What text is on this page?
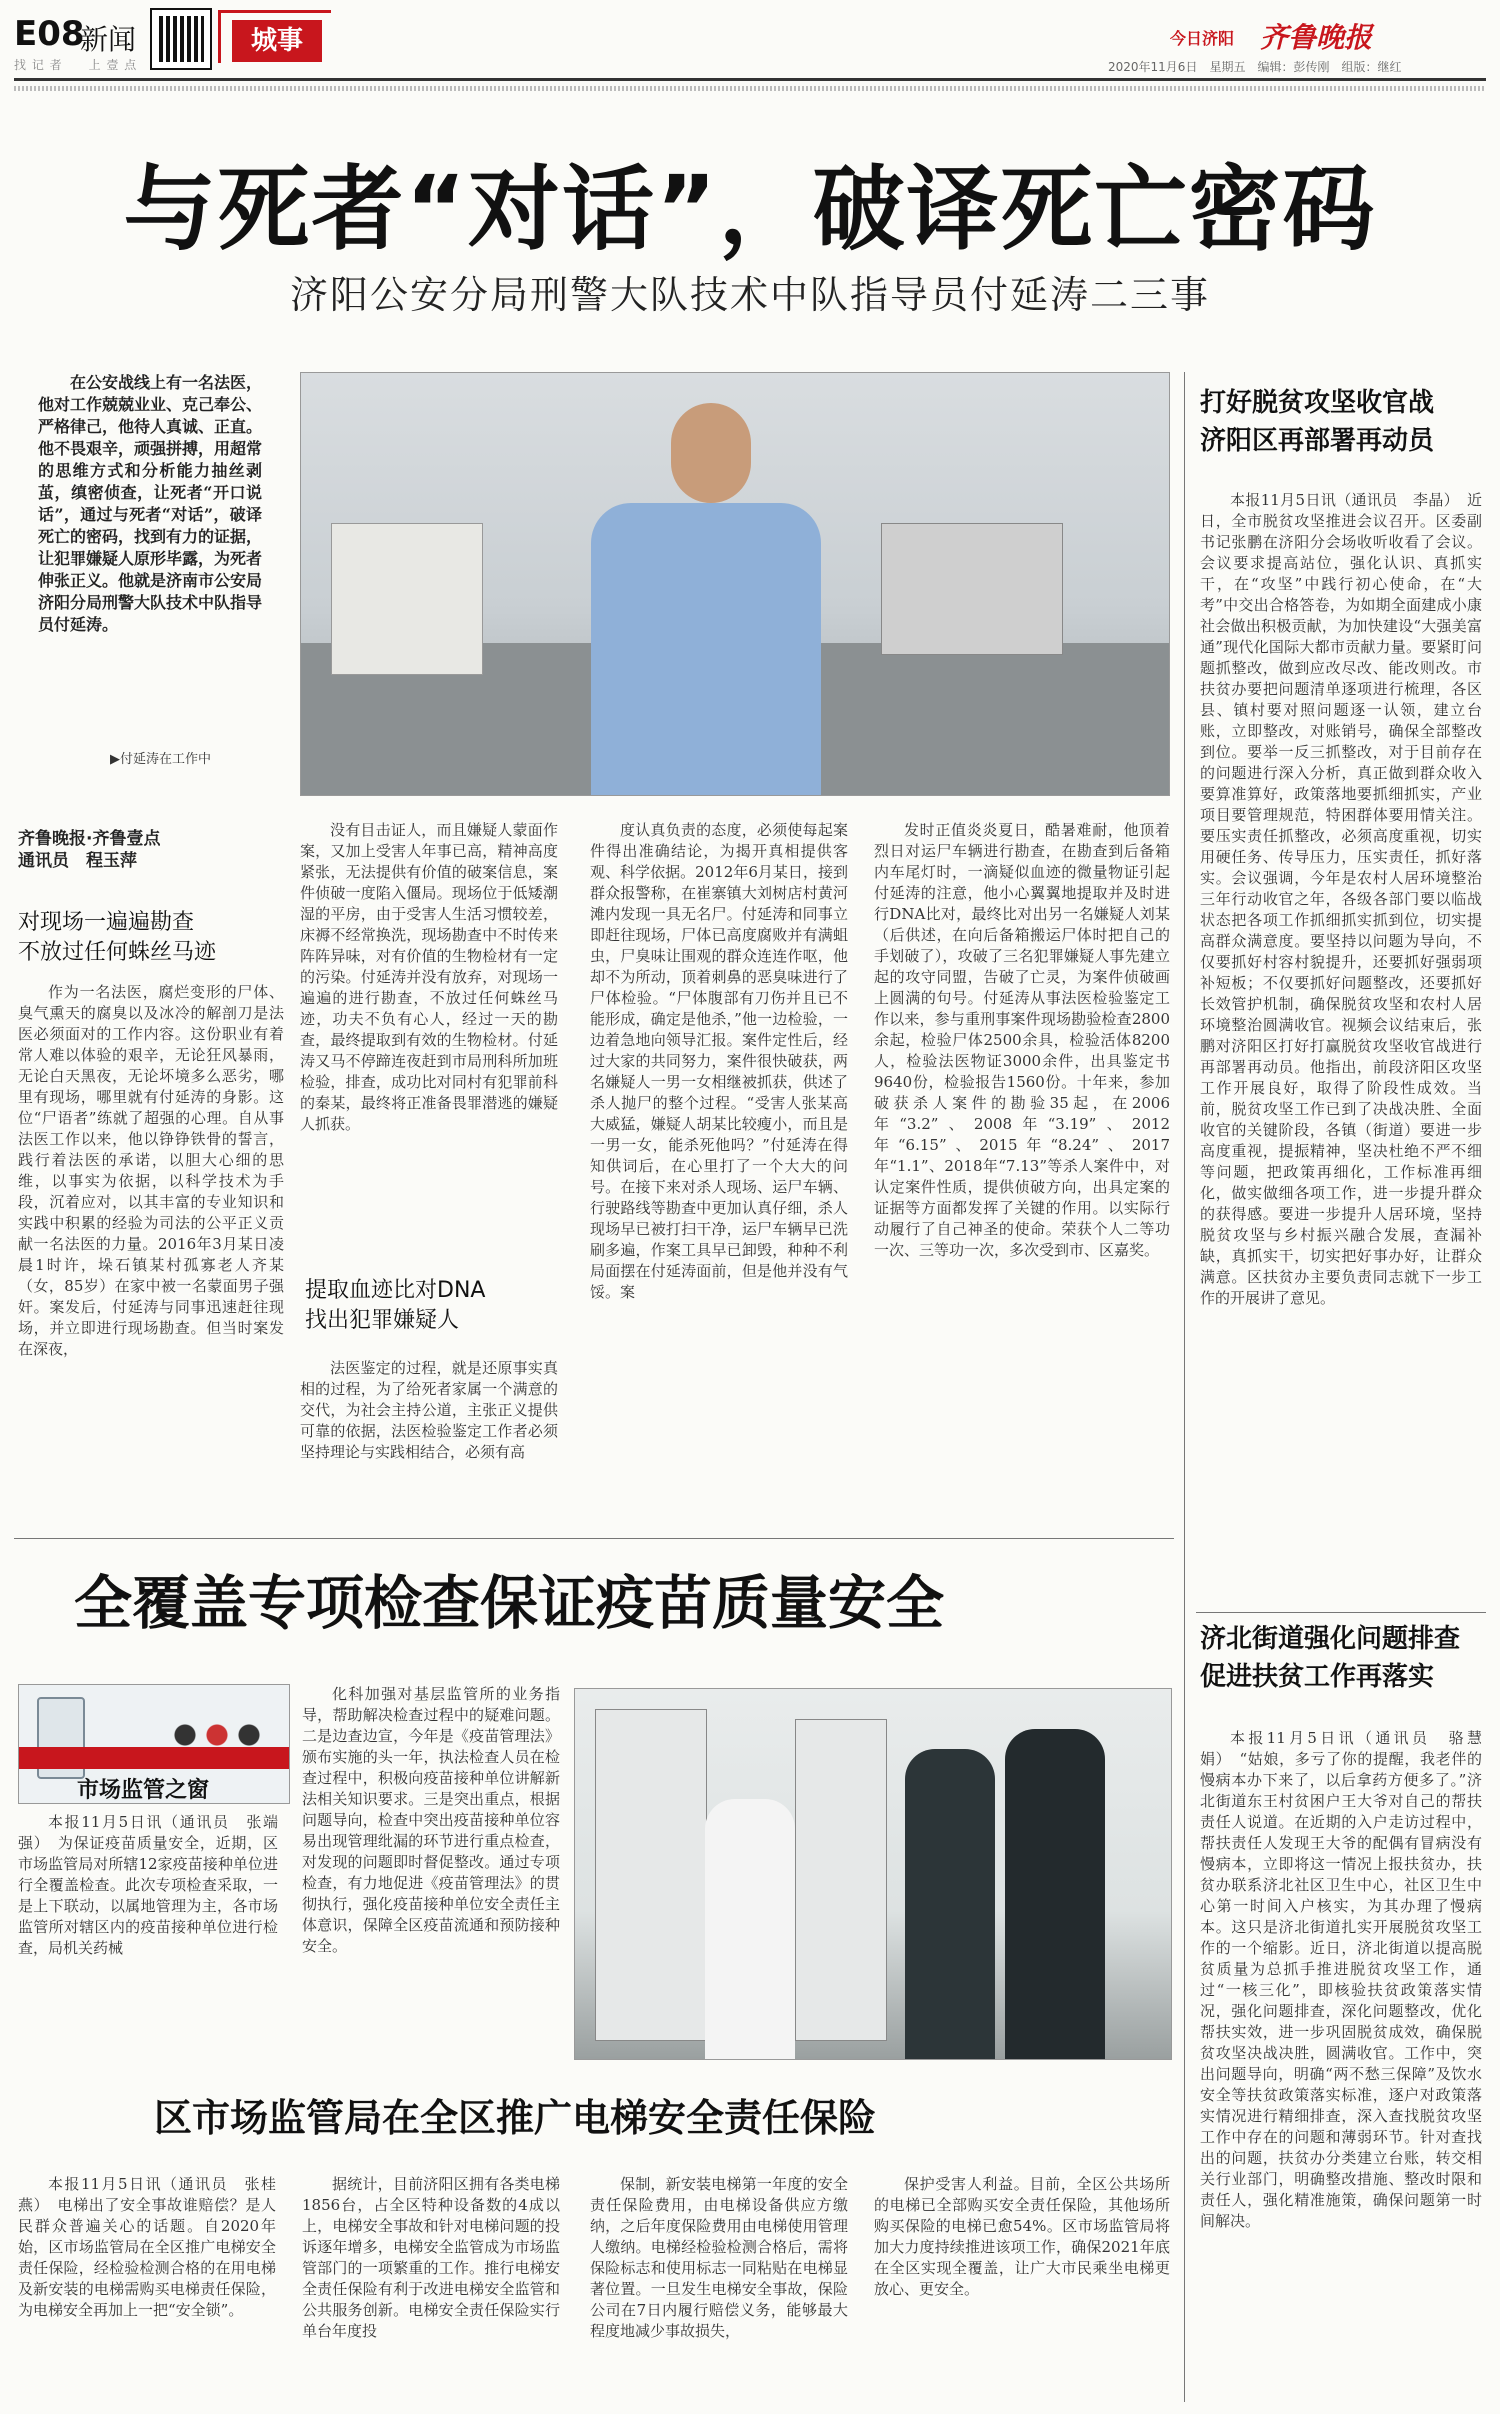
E08
新闻
找 记 者　　上 壹 点
城事	今日济阳 齐鲁晚报
2020年11月6日　星期五　编辑：彭传刚　组版：继红
与死者“对话”，破译死亡密码
济阳公安分局刑警大队技术中队指导员付延涛二三事

在公安战线上有一名法医，他对工作兢兢业业、克己奉公、严格律己，他待人真诚、正直。他不畏艰辛，顽强拼搏，用超常的思维方式和分析能力抽丝剥茧，缜密侦查，让死者“开口说话”，通过与死者“对话”，破译死亡的密码，找到有力的证据，让犯罪嫌疑人原形毕露，为死者伸张正义。他就是济南市公安局济阳分局刑警大队技术中队指导员付延涛。

▶付延涛在工作中
齐鲁晚报·齐鲁壹点
通讯员　程玉萍
对现场一遍遍勘查
不放过任何蛛丝马迹

作为一名法医，腐烂变形的尸体、臭气熏天的腐臭以及冰冷的解剖刀是法医必须面对的工作内容。这份职业有着常人难以体验的艰辛，无论狂风暴雨，无论白天黑夜，无论坏境多么恶劣，哪里有现场，哪里就有付延涛的身影。这位“尸语者”练就了超强的心理。自从事法医工作以来，他以铮铮铁骨的誓言，践行着法医的承诺，以胆大心细的思维，以事实为依据，以科学技术为手段，沉着应对，以其丰富的专业知识和实践中积累的经验为司法的公平正义贡献一名法医的力量。2016年3月某日凌晨1时许，垛石镇某村孤寡老人齐某（女，85岁）在家中被一名蒙面男子强奸。案发后，付延涛与同事迅速赶往现场，并立即进行现场勘查。但当时案发在深夜，

没有目击证人，而且嫌疑人蒙面作案，又加上受害人年事已高，精神高度紧张，无法提供有价值的破案信息，案件侦破一度陷入僵局。现场位于低矮潮湿的平房，由于受害人生活习惯较差，床褥不经常换洗，现场勘查中不时传来阵阵异味，对有价值的生物检材有一定的污染。付延涛并没有放弃，对现场一遍遍的进行勘查，不放过任何蛛丝马迹，功夫不负有心人，经过一天的勘查，最终提取到有效的生物检材。付延涛又马不停蹄连夜赶到市局刑科所加班检验，排查，成功比对同村有犯罪前科的秦某，最终将正准备畏罪潜逃的嫌疑人抓获。

提取血迹比对DNA
找出犯罪嫌疑人

法医鉴定的过程，就是还原事实真相的过程，为了给死者家属一个满意的交代，为社会主持公道，主张正义提供可靠的依据，法医检验鉴定工作者必须坚持理论与实践相结合，必须有高

度认真负责的态度，必须使每起案件得出准确结论，为揭开真相提供客观、科学依据。2012年6月某日，接到群众报警称，在崔寨镇大刘树店村黄河滩内发现一具无名尸。付延涛和同事立即赶往现场，尸体已高度腐败并有满蛆虫，尸臭味让围观的群众连连作呕，他却不为所动，顶着刺鼻的恶臭味进行了尸体检验。“尸体腹部有刀伤并且已不能形成，确定是他杀，”他一边检验，一边着急地向领导汇报。案件定性后，经过大家的共同努力，案件很快破获，两名嫌疑人一男一女相继被抓获，供述了杀人抛尸的整个过程。“受害人张某高大威猛，嫌疑人胡某比较瘦小，而且是一男一女，能杀死他吗？”付延涛在得知供词后，在心里打了一个大大的问号。在接下来对杀人现场、运尸车辆、行驶路线等勘查中更加认真仔细，杀人现场早已被打扫干净，运尸车辆早已洗刷多遍，作案工具早已卸毁，种种不利局面摆在付延涛面前，但是他并没有气馁。案

发时正值炎炎夏日，酷暑难耐，他顶着烈日对运尸车辆进行勘查，在勘查到后备箱内车尾灯时，一滴疑似血迹的微量物证引起付延涛的注意，他小心翼翼地提取并及时进行DNA比对，最终比对出另一名嫌疑人刘某（后供述，在向后备箱搬运尸体时把自己的手划破了），攻破了三名犯罪嫌疑人事先建立起的攻守同盟，告破了亡灵，为案件侦破画上圆满的句号。付延涛从事法医检验鉴定工作以来，参与重刑事案件现场勘验检查2800余起，检验尸体2500余具，检验活体8200人，检验法医物证3000余件，出具鉴定书9640份，检验报告1560份。十年来，参加破获杀人案件的勘验35起，在2006年“3.2”、2008年“3.19”、2012年“6.15”、2015年“8.24”、2017年“1.1”、2018年“7.13”等杀人案件中，对认定案件性质，提供侦破方向，出具定案的证据等方面都发挥了关键的作用。以实际行动履行了自己神圣的使命。荣获个人二等功一次、三等功一次，多次受到市、区嘉奖。

打好脱贫攻坚收官战
济阳区再部署再动员

本报11月5日讯（通讯员　李晶）　近日，全市脱贫攻坚推进会议召开。区委副书记张鹏在济阳分会场收听收看了会议。会议要求提高站位，强化认识、真抓实干，在“攻坚”中践行初心使命，在“大考”中交出合格答卷，为如期全面建成小康社会做出积极贡献，为加快建设“大强美富通”现代化国际大都市贡献力量。要紧盯问题抓整改，做到应改尽改、能改则改。市扶贫办要把问题清单逐项进行梳理，各区县、镇村要对照问题逐一认领，建立台账，立即整改，对账销号，确保全部整改到位。要举一反三抓整改，对于目前存在的问题进行深入分析，真正做到群众收入要算准算好，政策落地要抓细抓实，产业项目要管理规范，特困群体要用情关注。要压实责任抓整改，必须高度重视，切实用硬任务、传导压力，压实责任，抓好落实。会议强调，今年是农村人居环境整治三年行动收官之年，各级各部门要以临战状态把各项工作抓细抓实抓到位，切实提高群众满意度。要坚持以问题为导向，不仅要抓好村容村貌提升，还要抓好强弱项补短板；不仅要抓好问题整改，还要抓好长效管护机制，确保脱贫攻坚和农村人居环境整治圆满收官。视频会议结束后，张鹏对济阳区打好打赢脱贫攻坚收官战进行再部署再动员。他指出，前段济阳区攻坚工作开展良好，取得了阶段性成效。当前，脱贫攻坚工作已到了决战决胜、全面收官的关键阶段，各镇（街道）要进一步高度重视，提振精神，坚决杜绝不严不细等问题，把政策再细化，工作标准再细化，做实做细各项工作，进一步提升群众的获得感。要进一步提升人居环境，坚持脱贫攻坚与乡村振兴融合发展，查漏补缺，真抓实干，切实把好事办好，让群众满意。区扶贫办主要负责同志就下一步工作的开展讲了意见。

全覆盖专项检查保证疫苗质量安全
市场监管之窗

本报11月5日讯（通讯员　张端强）　为保证疫苗质量安全，近期，区市场监管局对所辖12家疫苗接种单位进行全覆盖检查。此次专项检查采取，一是上下联动，以属地管理为主，各市场监管所对辖区内的疫苗接种单位进行检查，局机关药械

化科加强对基层监管所的业务指导，帮助解决检查过程中的疑难问题。二是边查边宣，今年是《疫苗管理法》颁布实施的头一年，执法检查人员在检查过程中，积极向疫苗接种单位讲解新法相关知识要求。三是突出重点，根据问题导向，检查中突出疫苗接种单位容易出现管理纰漏的环节进行重点检查，对发现的问题即时督促整改。通过专项检查，有力地促进《疫苗管理法》的贯彻执行，强化疫苗接种单位安全责任主体意识，保障全区疫苗流通和预防接种安全。

区市场监管局在全区推广电梯安全责任保险

本报11月5日讯（通讯员　张桂燕）　电梯出了安全事故谁赔偿？是人民群众普遍关心的话题。自2020年始，区市场监管局在全区推广电梯安全责任保险，经检验检测合格的在用电梯及新安装的电梯需购买电梯责任保险，为电梯安全再加上一把“安全锁”。

据统计，目前济阳区拥有各类电梯1856台，占全区特种设备数的4成以上，电梯安全事故和针对电梯问题的投诉逐年增多，电梯安全监管成为市场监管部门的一项繁重的工作。推行电梯安全责任保险有利于改进电梯安全监管和公共服务创新。电梯安全责任保险实行单台年度投

保制，新安装电梯第一年度的安全责任保险费用，由电梯设备供应方缴纳，之后年度保险费用由电梯使用管理人缴纳。电梯经检验检测合格后，需将保险标志和使用标志一同粘贴在电梯显著位置。一旦发生电梯安全事故，保险公司在7日内履行赔偿义务，能够最大程度地减少事故损失，

保护受害人利益。目前，全区公共场所的电梯已全部购买安全责任保险，其他场所购买保险的电梯已愈54%。区市场监管局将加大力度持续推进该项工作，确保2021年底在全区实现全覆盖，让广大市民乘坐电梯更放心、更安全。

济北街道强化问题排查
促进扶贫工作再落实

本报11月5日讯（通讯员　骆慧娟）　“姑娘，多亏了你的提醒，我老伴的慢病本办下来了，以后拿药方便多了。”济北街道东王村贫困户王大爷对自己的帮扶责任人说道。在近期的入户走访过程中，帮扶责任人发现王大爷的配偶有冒病没有慢病本，立即将这一情况上报扶贫办，扶贫办联系济北社区卫生中心，社区卫生中心第一时间入户核实，为其办理了慢病本。这只是济北街道扎实开展脱贫攻坚工作的一个缩影。近日，济北街道以提高脱贫质量为总抓手推进脱贫攻坚工作，通过“一核三化”，即核验扶贫政策落实情况，强化问题排查，深化问题整改，优化帮扶实效，进一步巩固脱贫成效，确保脱贫攻坚决战决胜，圆满收官。工作中，突出问题导向，明确“两不愁三保障”及饮水安全等扶贫政策落实标准，逐户对政策落实情况进行精细排查，深入查找脱贫攻坚工作中存在的问题和薄弱环节。针对查找出的问题，扶贫办分类建立台账，转交相关行业部门，明确整改措施、整改时限和责任人，强化精准施策，确保问题第一时间解决。
